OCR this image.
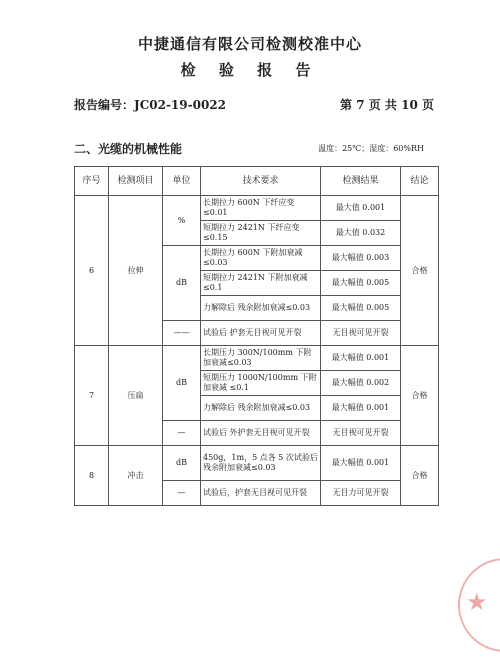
中捷通信有限公司检测校准中心
检 验 报 告
报告编号：JC02-19-0022	第 7 页 共 10 页
二、光缆的机械性能	温度：25℃；湿度：60%RH
序号	检测项目	单位	技术要求	检测结果	结论
6	拉伸	%	长期拉力 600N 下纤应变≤0.01	最大值 0.001	合格
			短期拉力 2421N 下纤应变≤0.15	最大值 0.032	
		dB	长期拉力 600N 下附加衰减≤0.03	最大幅值 0.003	
			短期拉力 2421N 下附加衰减 ≤0.1	最大幅值 0.005	
			力解除后 残余附加衰减≤0.03	最大幅值 0.005	
		——	试验后 护套无目视可见开裂	无目视可见开裂	
7	压扁	dB	长期压力 300N/100mm 下附加衰减≤0.03	最大幅值 0.001	合格
			短期压力 1000N/100mm 下附加衰减 ≤0.1	最大幅值 0.002	
			力解除后 残余附加衰减≤0.03	最大幅值 0.001	
		—	试验后 外护套无目视可见开裂	无目视可见开裂	
8	冲击	dB	450g，1m，5 点各 5 次试验后 残余附加衰减≤0.03	最大幅值 0.001	合格
		—	试验后，护套无目视可见开裂	无目力可见开裂	
★
